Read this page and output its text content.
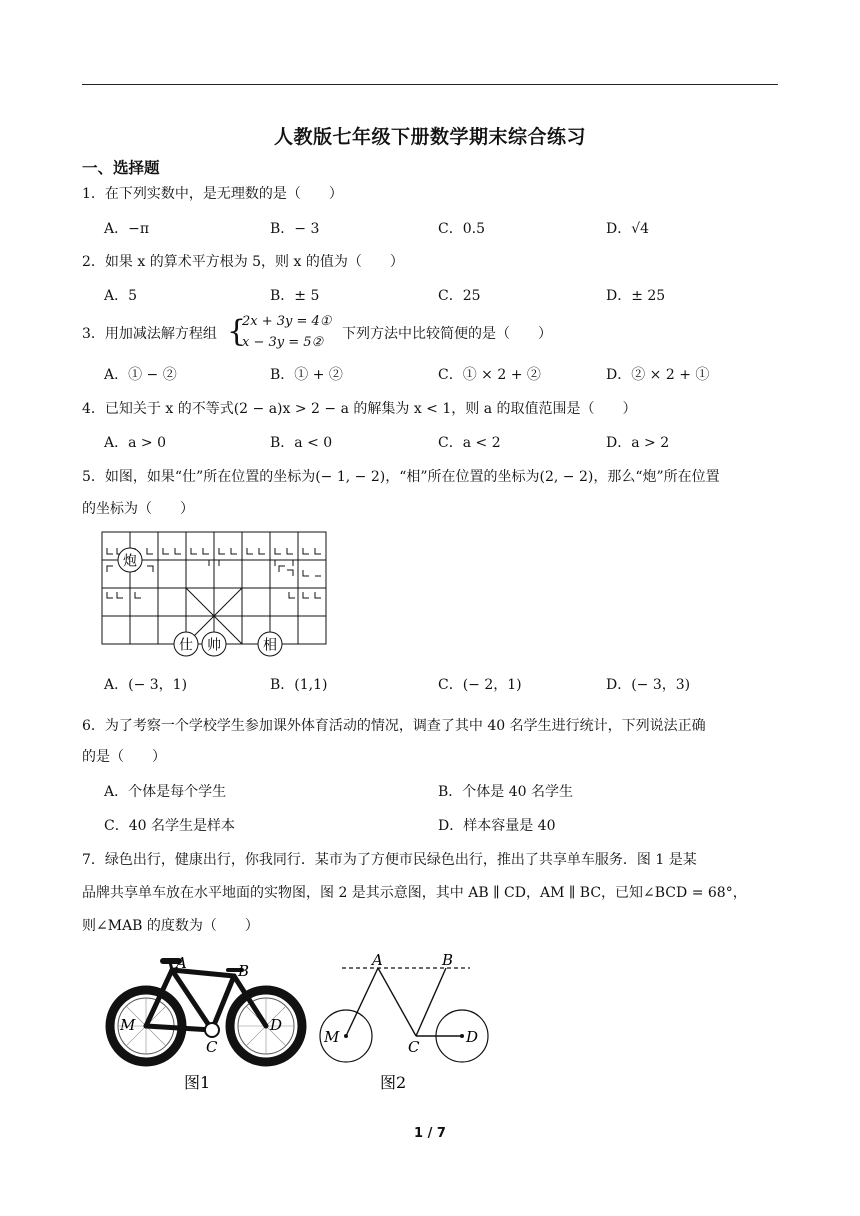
人教版七年级下册数学期末综合练习
一、选择题
1．在下列实数中，是无理数的是（　　）
A．−π	B．− 3	C．0.5	D．√4
2．如果 x 的算术平方根为 5，则 x 的值为（　　）
A．5	B．± 5	C．25	D．± 25
3．用加减法解方程组 {
2x + 3y = 4①
x − 3y = 5②
下列方法中比较简便的是（　　）
A．① − ②	B．① + ②	C．① × 2 + ②	D．② × 2 + ①
4．已知关于 x 的不等式(2 − a)x > 2 − a 的解集为 x < 1，则 a 的取值范围是（　　）
A．a > 0	B．a < 0	C．a < 2	D．a > 2
5．如图，如果“仕”所在位置的坐标为(− 1, − 2)，“相”所在位置的坐标为(2, − 2)，那么“炮”所在位置
的坐标为（　　）
炮
仕 帅	相
A．(− 3，1)	B．(1,1)	C．(− 2，1)	D．(− 3，3)
6．为了考察一个学校学生参加课外体育活动的情况，调查了其中 40 名学生进行统计，下列说法正确
的是（　　）
A．个体是每个学生	B．个体是 40 名学生
C．40 名学生是样本	D．样本容量是 40
7．绿色出行，健康出行，你我同行．某市为了方便市民绿色出行，推出了共享单车服务．图 1 是某
品牌共享单车放在水平地面的实物图，图 2 是其示意图，其中 AB ∥ CD，AM ∥ BC，已知∠BCD = 68°，
则∠MAB 的度数为（　　）
A	B
M	D
C
图1
A	B
M
C
D
图2
1 / 7
